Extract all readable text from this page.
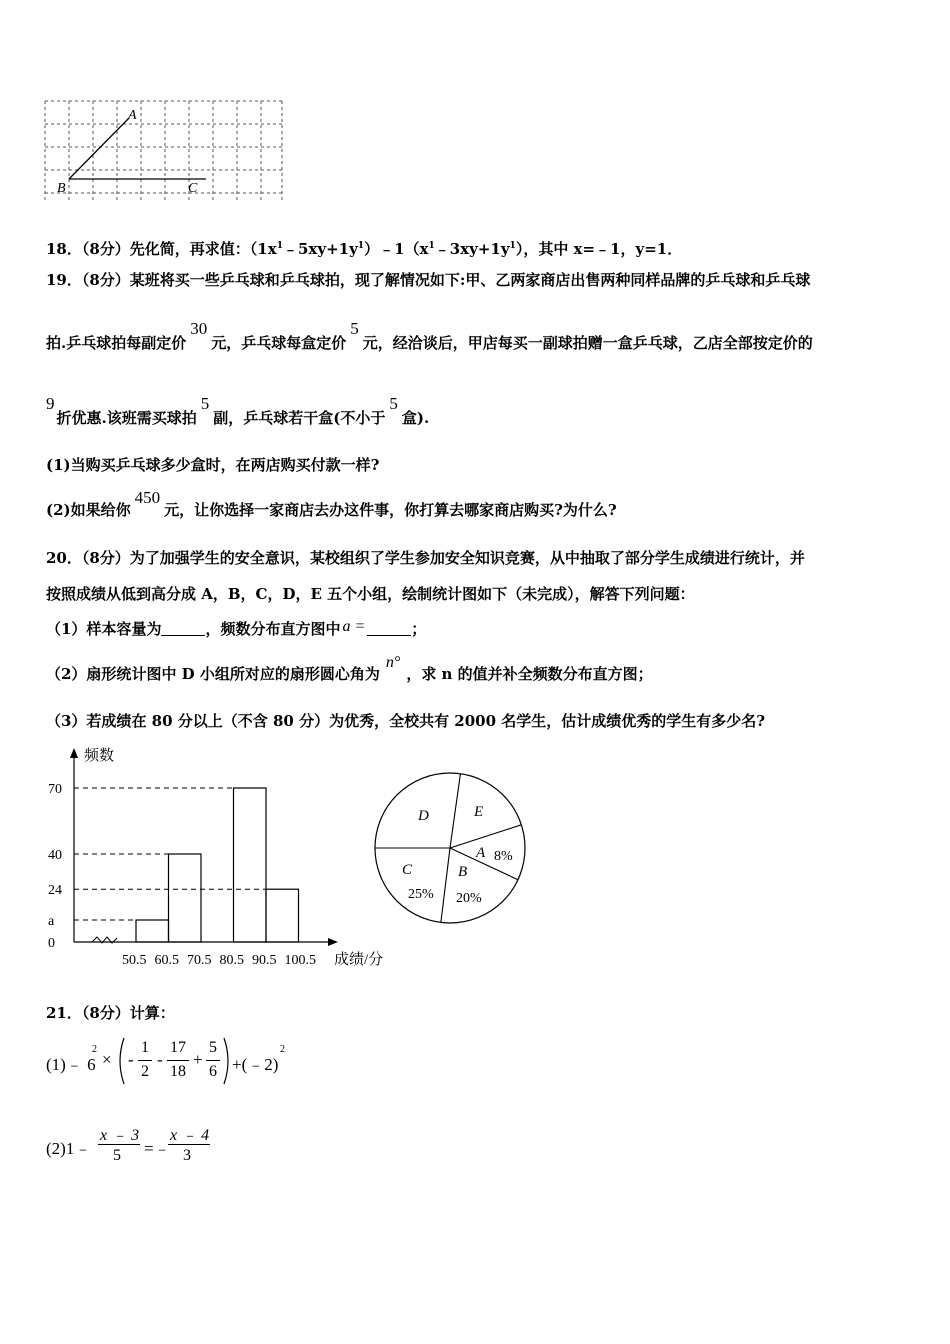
A
B	C
18．（8分）先化简，再求值：$(1x^1﹣5xy+1y^1)﹣1(x^1﹣3xy+1y^1)$，其中 x=﹣1，y=1．
19．（8分）某班将买一些乒乓球和乒乓球拍，现了解情况如下:甲、乙两家商店出售两种同样品牌的乒乓球和乒乓球
拍.乒乓球拍每副定价30元，乒乓球每盒定价5元，经洽谈后，甲店每买一副球拍赠一盒乒乓球，乙店全部按定价的
9折优惠.该班需买球拍5副，乒乓球若干盒(不小于5盒).
(1)当购买乒乓球多少盒时，在两店购买付款一样?
(2)如果给你450元，让你选择一家商店去办这件事，你打算去哪家商店购买?为什么?
20．（8分）为了加强学生的安全意识，某校组织了学生参加安全知识竞赛，从中抽取了部分学生成绩进行统计，并
按照成绩从低到高分成 A，B，C，D，E 五个小组，绘制统计图如下（未完成），解答下列问题：
（1）样本容量为	，频数分布直方图中 a =	；
（2）扇形统计图中 D 小组所对应的扇形圆心角为n°，求 n 的值并补全频数分布直方图；
（3）若成绩在 80 分以上（不含 80 分）为优秀，全校共有 2000 名学生，估计成绩优秀的学生有多少名?
频数
成绩/分
0
a
24
40
70
50.5 60.5 70.5 80.5 90.5 100.5
A 8%
B
20%
C
25%
D	E
21．（8分）计算：
(1)﹣ 6
2
× -
1
2
-
17
18
+
5
6 +(﹣2)
2
(2)1﹣
x ﹣ 3
5 =﹣
x ﹣ 4
3
